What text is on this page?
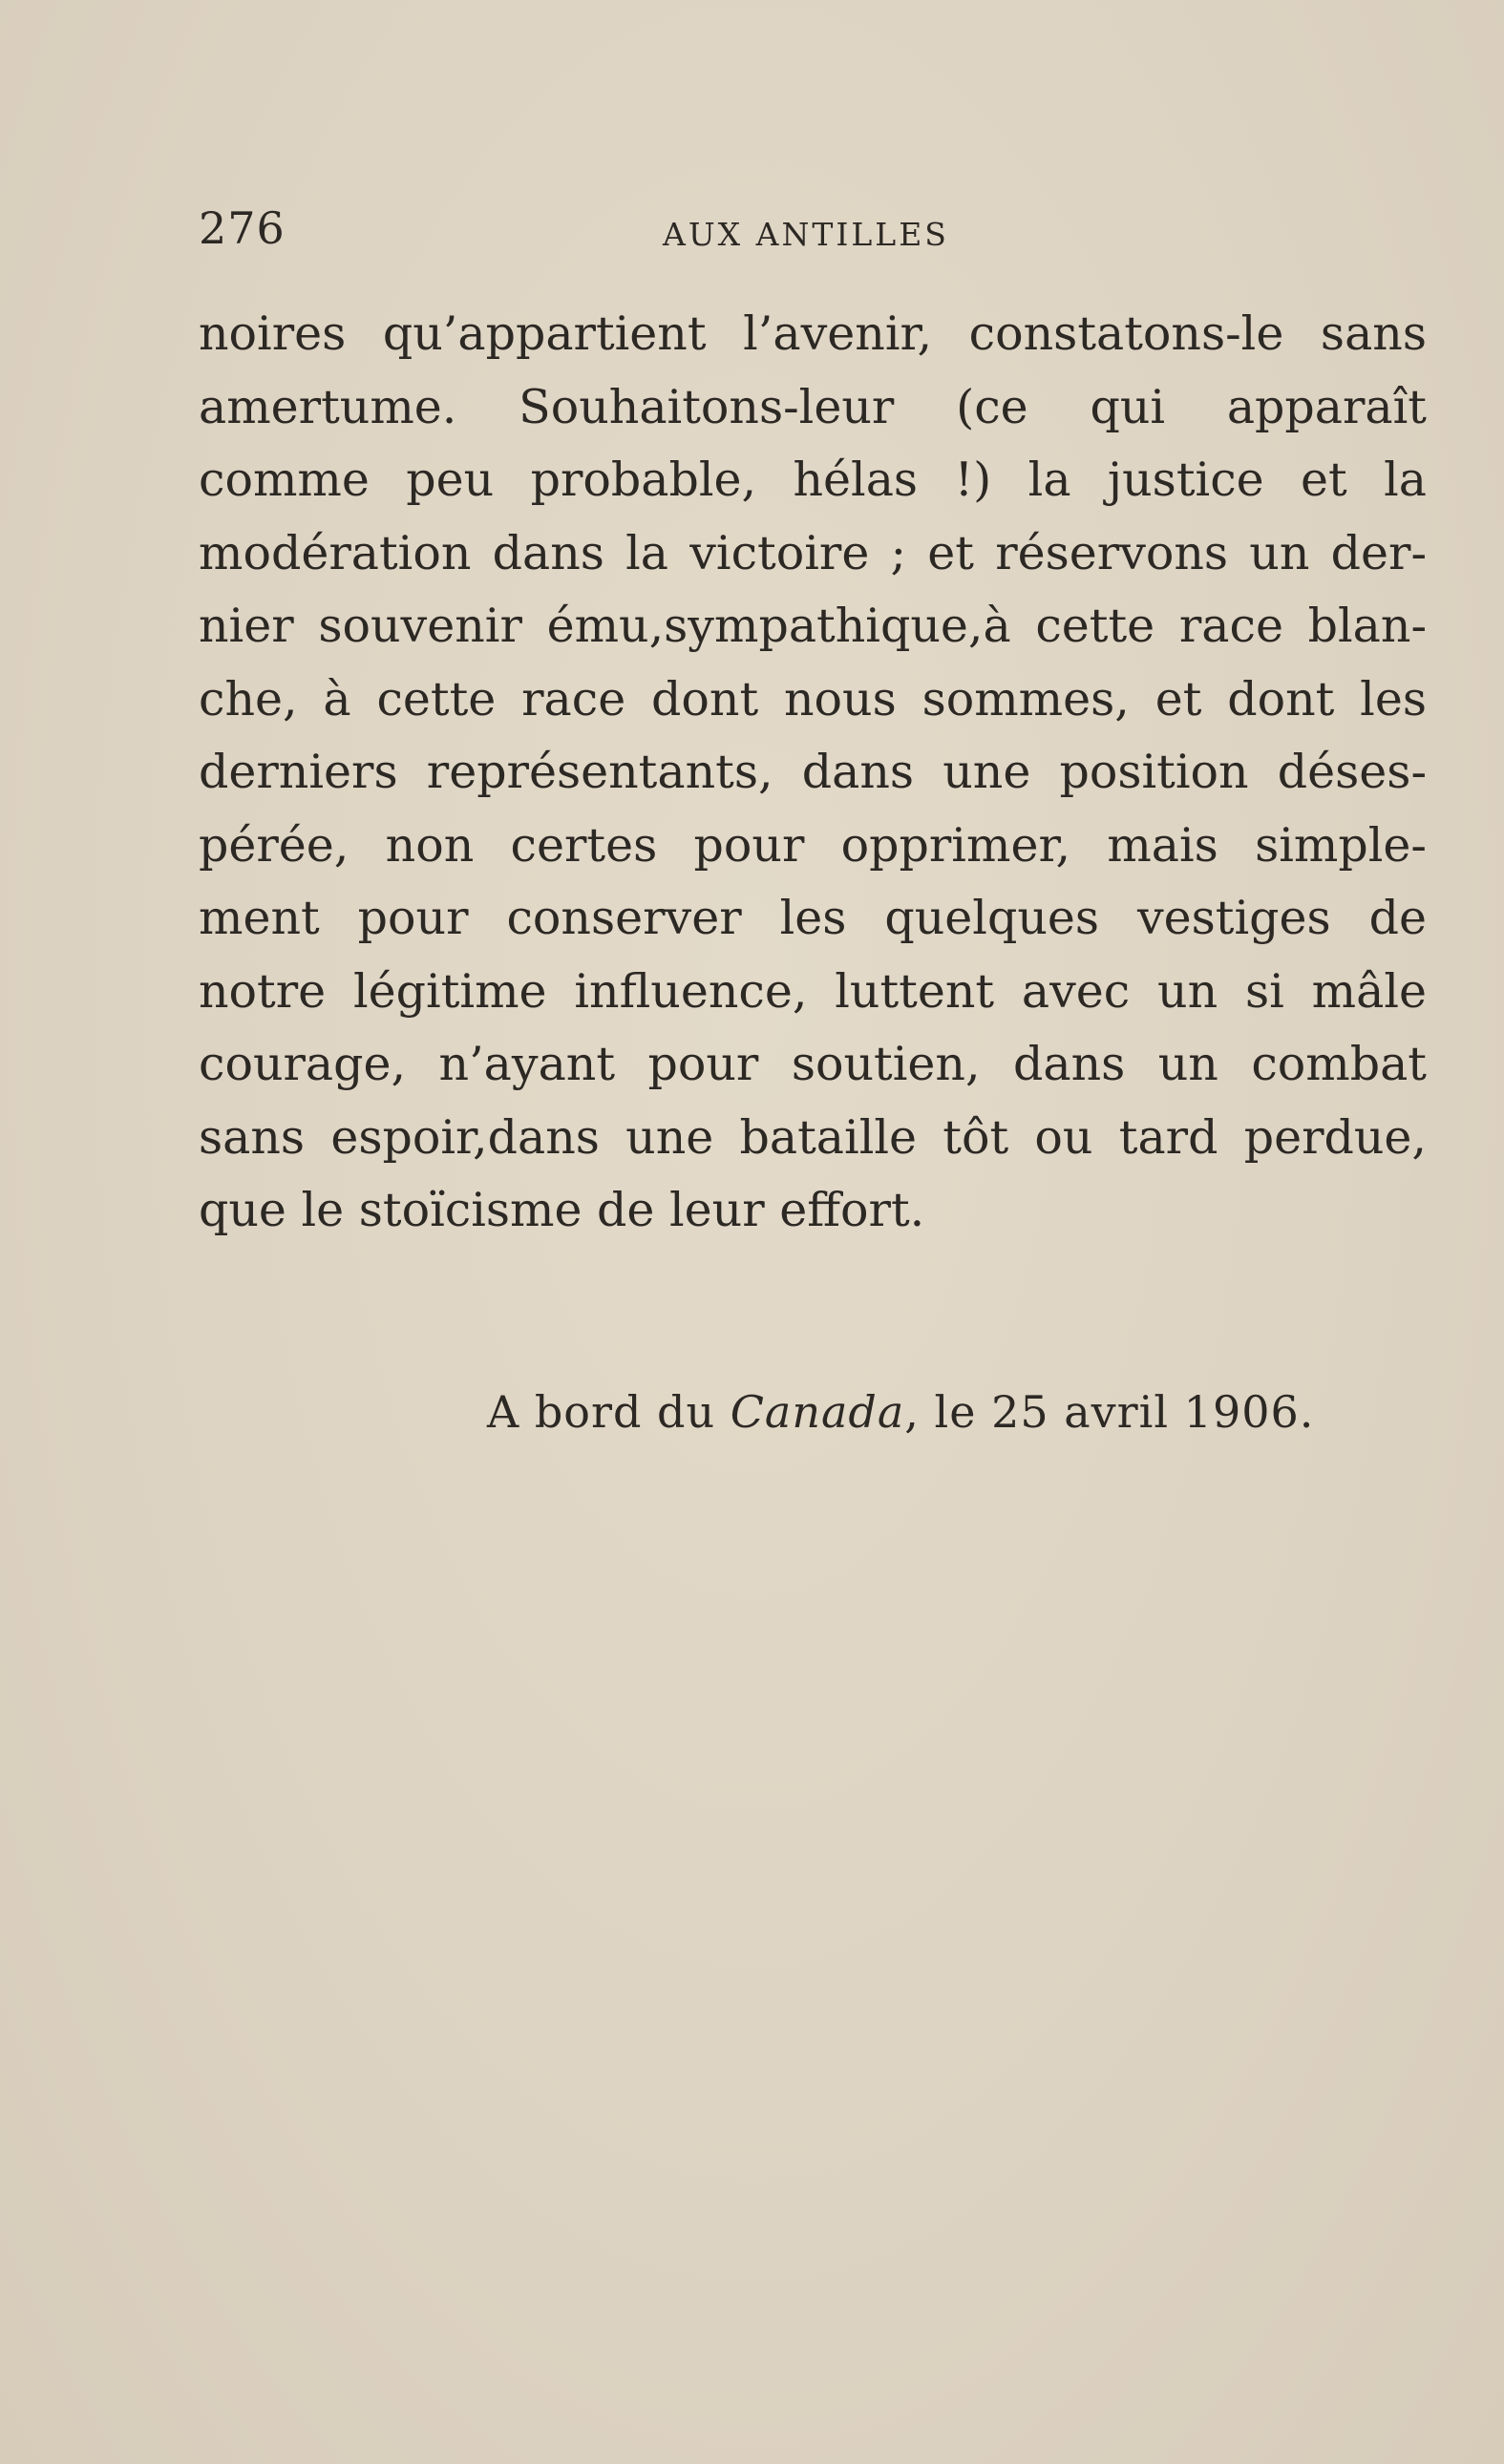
276	AUX ANTILLES
noires qu’appartient l’avenir, constatons-le sans
amertume. Souhaitons-leur (ce qui apparaît
comme peu probable, hélas !) la justice et la
modération dans la victoire ; et réservons un der-
nier souvenir ému,sympathique,à cette race blan-
che, à cette race dont nous sommes, et dont les
derniers représentants, dans une position déses-
pérée, non certes pour opprimer, mais simple-
ment pour conserver les quelques vestiges de
notre légitime influence, luttent avec un si mâle
courage, n’ayant pour soutien, dans un combat
sans espoir,dans une bataille tôt ou tard perdue,
que le stoïcisme de leur effort.
A bord du Canada, le 25 avril 1906.
